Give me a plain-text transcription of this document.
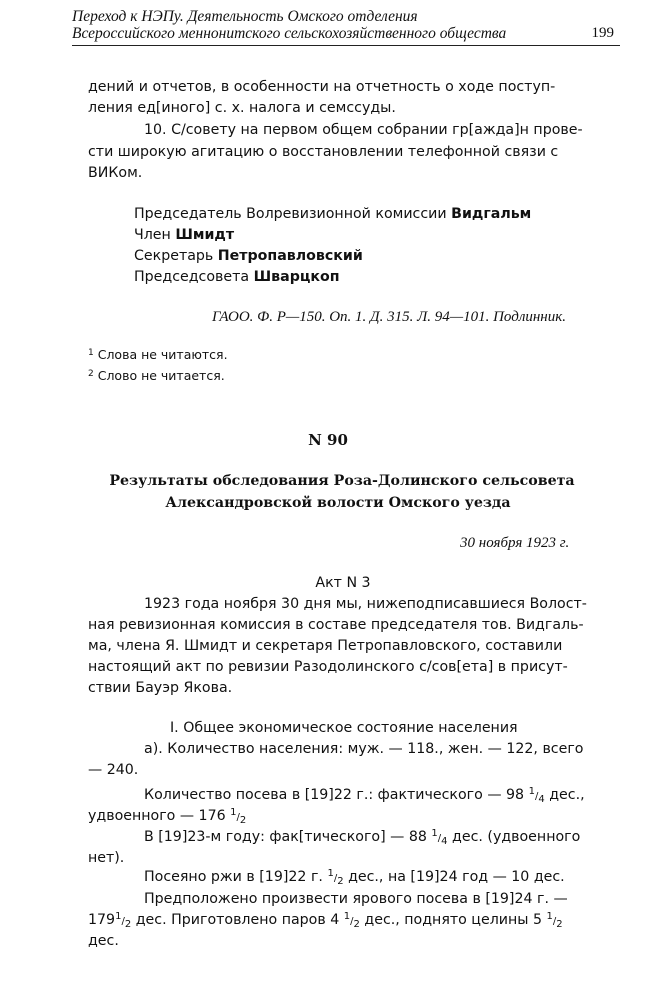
Переход к НЭПу. Деятельность Омского отделения
Всероссийского меннонитского сельскохозяйственного общества	199
дений и отчетов, в особенности на отчетность о ходе поступ-
ления ед[иного] с. х. налога и семссуды.
10. С/совету на первом общем собрании гр[ажда]н прове-
сти широкую агитацию о восстановлении телефонной связи с
ВИКом.
Председатель Волревизионной комиссии Видгальм
Член Шмидт
Секретарь Петропавловский
Председсовета Шварцкоп
ГАОО. Ф. Р—150. Оп. 1. Д. 315. Л. 94—101. Подлинник.
$^1$ Слова не читаются.
$^2$ Слово не читается.
N 90
Результаты обследования Роза-Долинского сельсовета
Александровской волости Омского уезда
30 ноября 1923 г.
Акт N 3
1923 года ноября 30 дня мы, нижеподписавшиеся Волост-
ная ревизионная комиссия в составе председателя тов. Видгаль-
ма, члена Я. Шмидт и секретаря Петропавловского, составили
настоящий акт по ревизии Разодолинского с/сов[ета] в присут-
ствии Бауэр Якова.
I. Общее экономическое состояние населения
а). Количество населения: муж. — 118., жен. — 122, всего
— 240.
Количество посева в [19]22 г.: фактического — 98 1/4 дес.,
удвоенного — 176 1/2
В [19]23-м году: фак[тического] — 88 1/4 дес. (удвоенного
нет).
Посеяно ржи в [19]22 г. 1/2 дес., на [19]24 год — 10 дес.
Предположено произвести ярового посева в [19]24 г. —
1791/2 дес. Приготовлено паров 4 1/2 дес., поднято целины 5 1/2
дес.
